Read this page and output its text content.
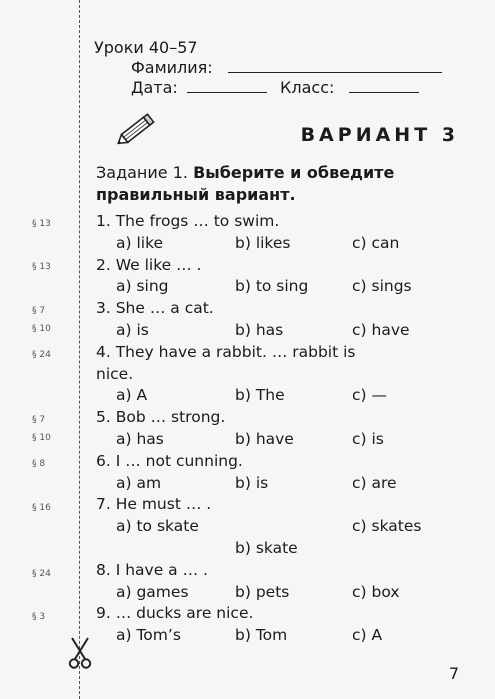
Уроки 40–57
Фамилия:
Дата:	Класс:
ВАРИАНТ 3
Задание 1. Выберите и обведите
правильный вариант.
§ 13
§ 13
§ 7
§ 10
§ 24
§ 7
§ 10
§ 8
§ 16
§ 24
§ 3
1. The frogs … to swim.
a) like	b) likes	c) can
2. We like … .
a) sing	b) to sing	c) sings
3. She … a cat.
a) is	b) has	c) have
4. They have a rabbit. … rabbit is
nice.
a) A	b) The	c) —
5. Bob … strong.
a) has	b) have	c) is
6. I … not cunning.
a) am	b) is	c) are
7. He must … .
a) to skate	c) skates
b) skate
8. I have a … .
a) games	b) pets	c) box
9. … ducks are nice.
a) Tom’s	b) Tom	c) A
7
